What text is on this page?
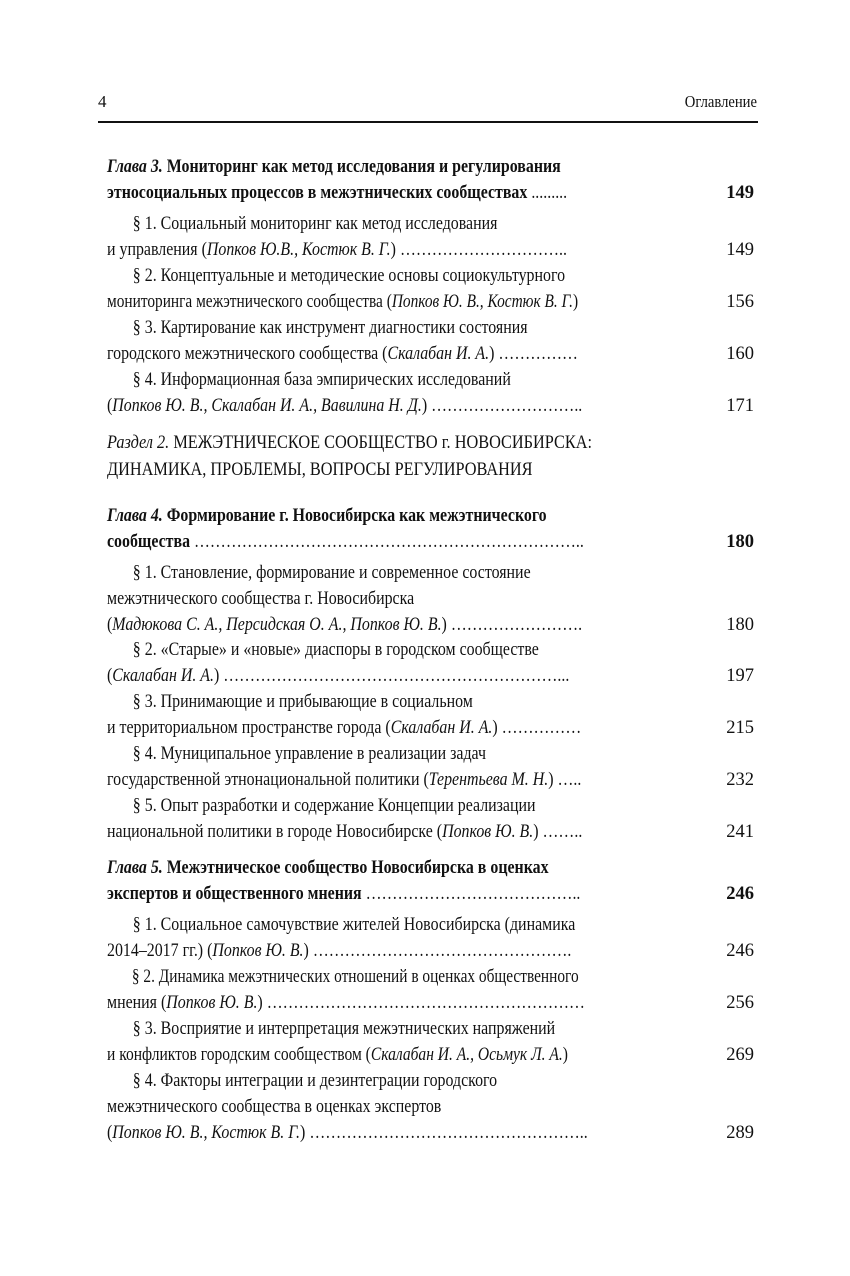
4	Оглавление
Глава 3. Мониторинг как метод исследования и регулирования
этносоциальных процессов в межэтнических сообществах .........	149
§ 1. Социальный мониторинг как метод исследования
и управления (Попков Ю.В., Костюк В. Г.) …………………………..	149
§ 2. Концептуальные и методические основы социокультурного
мониторинга межэтнического сообщества (Попков Ю. В., Костюк В. Г.)	156
§ 3. Картирование как инструмент диагностики состояния
городского межэтнического сообщества (Скалабан И. А.) ……………	160
§ 4. Информационная база эмпирических исследований
(Попков Ю. В., Скалабан И. А., Вавилина Н. Д.) ………………………..	171
Раздел 2. МЕЖЭТНИЧЕСКОЕ СООБЩЕСТВО г. НОВОСИБИРСКА:
ДИНАМИКА, ПРОБЛЕМЫ, ВОПРОСЫ РЕГУЛИРОВАНИЯ
Глава 4. Формирование г. Новосибирска как межэтнического
сообщества ………………………………………………………………..	180
§ 1. Становление, формирование и современное состояние
межэтнического сообщества г. Новосибирска
(Мадюкова С. А., Персидская О. А., Попков Ю. В.) …………………….	180
§ 2. «Старые» и «новые» диаспоры в городском сообществе
(Скалабан И. А.) ………………………………………………………...	197
§ 3. Принимающие и прибывающие в социальном
и территориальном пространстве города (Скалабан И. А.) ……………	215
§ 4. Муниципальное управление в реализации задач
государственной этнонациональной политики (Терентьева М. Н.) …..	232
§ 5. Опыт разработки и содержание Концепции реализации
национальной политики в городе Новосибирске (Попков Ю. В.) ……..	241
Глава 5. Межэтническое сообщество Новосибирска в оценках
экспертов и общественного мнения …………………………………..	246
§ 1. Социальное самочувствие жителей Новосибирска (динамика
2014–2017 гг.) (Попков Ю. В.) ………………………………………….	246
§ 2. Динамика межэтнических отношений в оценках общественного
мнения (Попков Ю. В.) ……………………………………………………	256
§ 3. Восприятие и интерпретация межэтнических напряжений
и конфликтов городским сообществом (Скалабан И. А., Осьмук Л. А.)	269
§ 4. Факторы интеграции и дезинтеграции городского
межэтнического сообщества в оценках экспертов
(Попков Ю. В., Костюк В. Г.) ……………………………………………..	289
